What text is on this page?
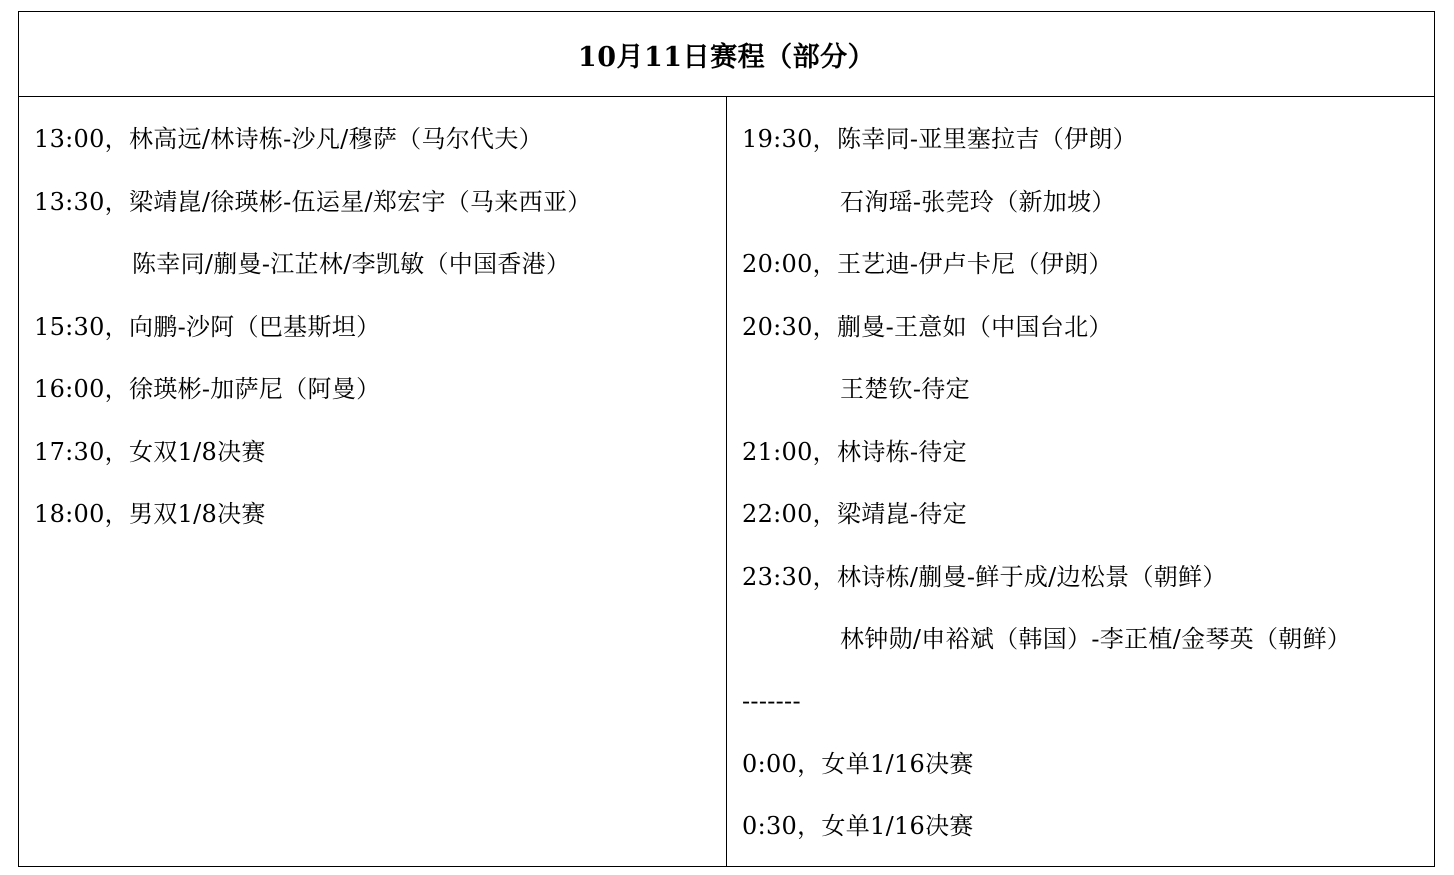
10月11日赛程（部分）
13:00，林高远/林诗栋-沙凡/穆萨（马尔代夫）
13:30，梁靖崑/徐瑛彬-伍运星/郑宏宇（马来西亚）
陈幸同/蒯曼-江芷林/李凯敏（中国香港）
15:30，向鹏-沙阿（巴基斯坦）
16:00，徐瑛彬-加萨尼（阿曼）
17:30，女双1/8决赛
18:00，男双1/8决赛
19:30，陈幸同-亚里塞拉吉（伊朗）
石洵瑶-张莞玲（新加坡）
20:00，王艺迪-伊卢卡尼（伊朗）
20:30，蒯曼-王意如（中国台北）
王楚钦-待定
21:00，林诗栋-待定
22:00，梁靖崑-待定
23:30，林诗栋/蒯曼-鲜于成/边松景（朝鲜）
林钟勋/申裕斌（韩国）-李正植/金琴英（朝鲜）
-------
0:00，女单1/16决赛
0:30，女单1/16决赛
